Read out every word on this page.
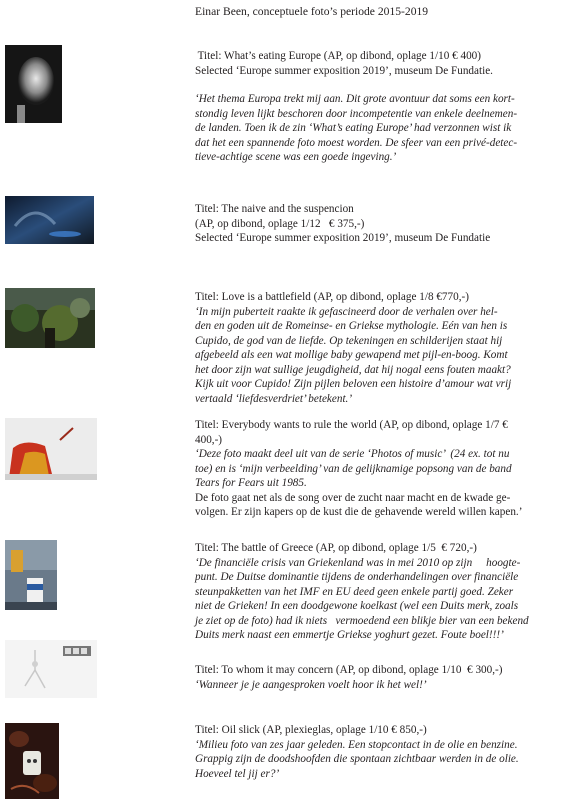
Einar Been, conceptuele foto’s periode 2015-2019
Titel: What’s eating Europe (AP, op dibond, oplage 1/10 € 400)
Selected ‘Europe summer exposition 2019’, museum De Fundatie.
‘Het thema Europa trekt mij aan. Dit grote avontuur dat soms een kort-
stondig leven lijkt beschoren door incompetentie van enkele deelnemen-
de landen. Toen ik de zin ‘What’s eating Europe’ had verzonnen wist ik
dat het een spannende foto moest worden. De sfeer van een privé-detec-
tieve-achtige scene was een goede ingeving.’
Titel: The naive and the suspencion
(AP, op dibond, oplage 1/12   € 375,-)
Selected ‘Europe summer exposition 2019’, museum De Fundatie
Titel: Love is a battlefield (AP, op dibond, oplage 1/8 €770,-)
‘In mijn puberteit raakte ik gefascineerd door de verhalen over hel-
den en goden uit de Romeinse- en Griekse mythologie. Eén van hen is
Cupido, de god van de liefde. Op tekeningen en schilderijen staat hij
afgebeeld als een wat mollige baby gewapend met pijl-en-boog. Komt
het door zijn wat sullige jeugdigheid, dat hij nogal eens fouten maakt?
Kijk uit voor Cupido! Zijn pijlen beloven een histoire d’amour wat vrij
vertaald ‘liefdesverdriet’ betekent.’
Titel: Everybody wants to rule the world (AP, op dibond, oplage 1/7 €
400,-)
‘Deze foto maakt deel uit van de serie ‘Photos of music’  (24 ex. tot nu
toe) en is ‘mijn verbeelding’ van de gelijknamige popsong van de band
Tears for Fears uit 1985.
De foto gaat net als de song over de zucht naar macht en de kwade ge-
volgen. Er zijn kapers op de kust die de gehavende wereld willen kapen.’
Titel: The battle of Greece (AP, op dibond, oplage 1/5  € 720,-)
‘De financiële crisis van Griekenland was in mei 2010 op zijn     hoogte-
punt. De Duitse dominantie tijdens de onderhandelingen over financiële
steunpakketten van het IMF en EU deed geen enkele partij goed. Zeker
niet de Grieken! In een doodgewone koelkast (wel een Duits merk, zoals
je ziet op de foto) had ik niets   vermoedend een blikje bier van een bekend
Duits merk naast een emmertje Griekse yoghurt gezet. Foute boel!!!’
Titel: To whom it may concern (AP, op dibond, oplage 1/10  € 300,-)
‘Wanneer je je aangesproken voelt hoor ik het wel!’
Titel: Oil slick (AP, plexieglas, oplage 1/10 € 850,-)
‘Milieu foto van zes jaar geleden. Een stopcontact in de olie en benzine.
Grappig zijn de doodshoofden die spontaan zichtbaar werden in de olie.
Hoeveel tel jij er?’
